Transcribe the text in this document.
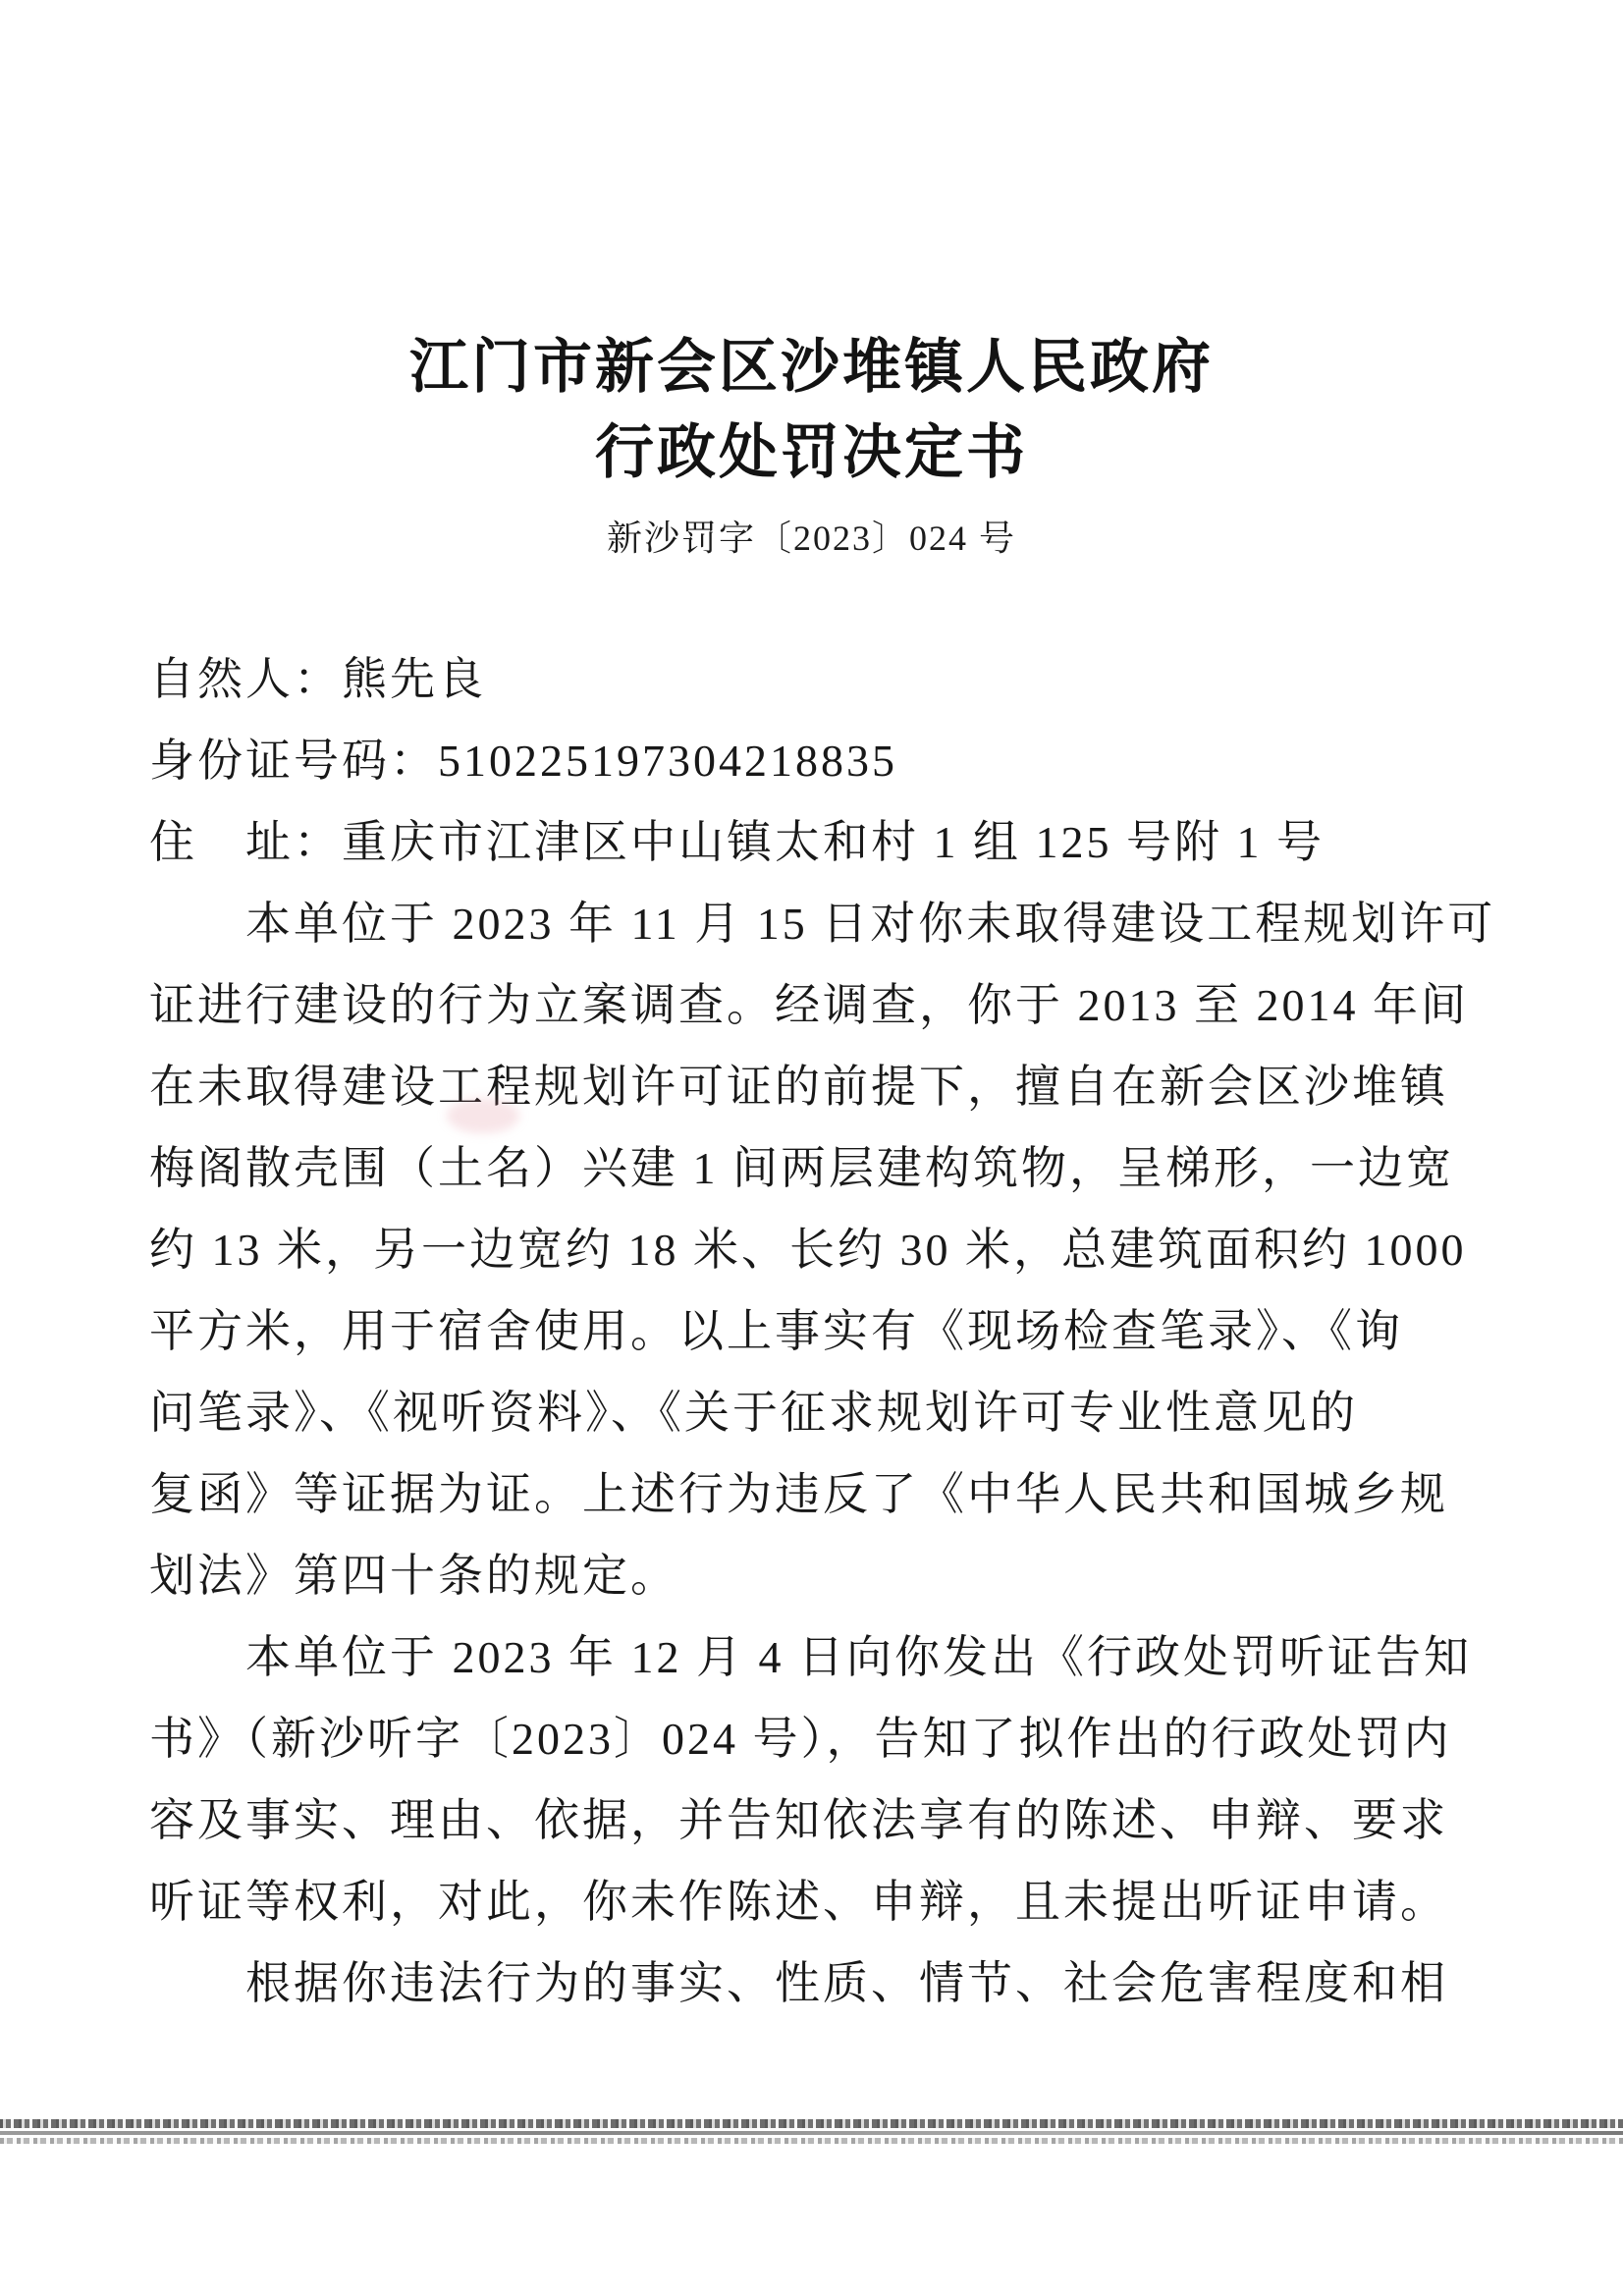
江门市新会区沙堆镇人民政府
行政处罚决定书
新沙罚字〔2023〕024 号
自然人：熊先良
身份证号码：510225197304218835
住　址：重庆市江津区中山镇太和村 1 组 125 号附 1 号
本单位于 2023 年 11 月 15 日对你未取得建设工程规划许可
证进行建设的行为立案调查。经调查，你于 2013 至 2014 年间
在未取得建设工程规划许可证的前提下，擅自在新会区沙堆镇
梅阁散壳围（土名）兴建 1 间两层建构筑物，呈梯形，一边宽
约 13 米，另一边宽约 18 米、长约 30 米，总建筑面积约 1000
平方米，用于宿舍使用。以上事实有《现场检查笔录》、《询
问笔录》、《视听资料》、《关于征求规划许可专业性意见的
复函》等证据为证。上述行为违反了《中华人民共和国城乡规
划法》第四十条的规定。
本单位于 2023 年 12 月 4 日向你发出《行政处罚听证告知
书》（新沙听字〔2023〕024 号），告知了拟作出的行政处罚内
容及事实、理由、依据，并告知依法享有的陈述、申辩、要求
听证等权利，对此，你未作陈述、申辩，且未提出听证申请。
根据你违法行为的事实、性质、情节、社会危害程度和相
